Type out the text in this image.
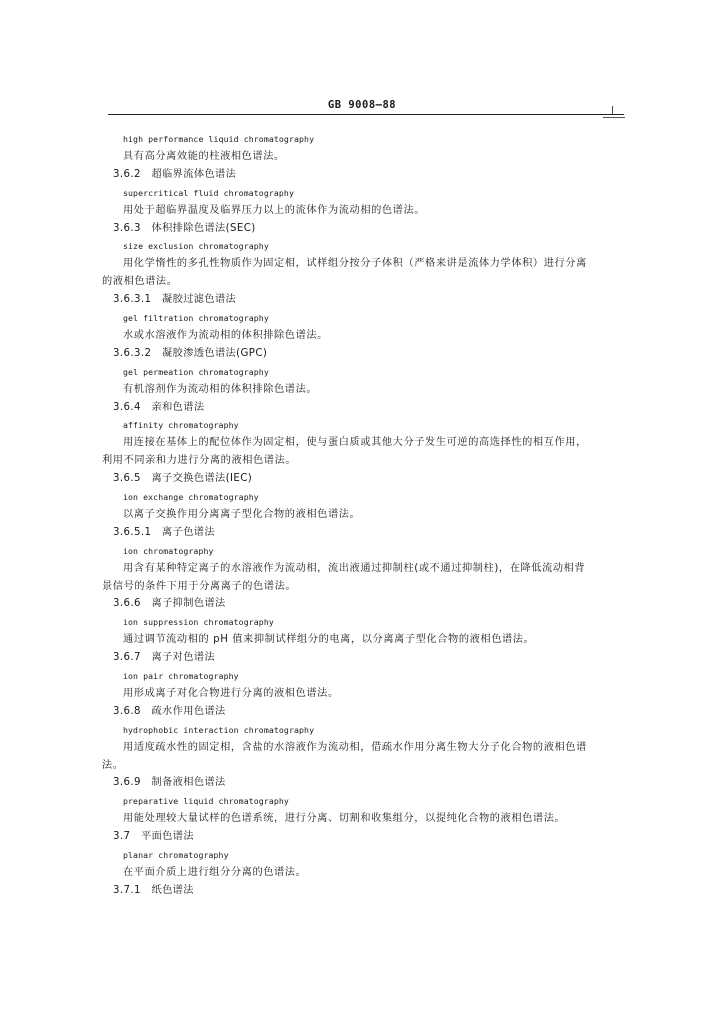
GB 9008—88
high performance liquid chromatography
具有高分离效能的柱液相色谱法。
3.6.2　超临界流体色谱法
supercritical fluid chromatography
用处于超临界温度及临界压力以上的流体作为流动相的色谱法。
3.6.3　体积排除色谱法(SEC)
size exclusion chromatography
用化学惰性的多孔性物质作为固定相，试样组分按分子体积（严格来讲是流体力学体积）进行分离
的液相色谱法。
3.6.3.1　凝胶过滤色谱法
gel filtration chromatography
水或水溶液作为流动相的体积排除色谱法。
3.6.3.2　凝胶渗透色谱法(GPC)
gel permeation chromatography
有机溶剂作为流动相的体积排除色谱法。
3.6.4　亲和色谱法
affinity chromatography
用连接在基体上的配位体作为固定相，使与蛋白质或其他大分子发生可逆的高选择性的相互作用，
利用不同亲和力进行分离的液相色谱法。
3.6.5　离子交换色谱法(IEC)
ion exchange chromatography
以离子交换作用分离离子型化合物的液相色谱法。
3.6.5.1　离子色谱法
ion chromatography
用含有某种特定离子的水溶液作为流动相，流出液通过抑制柱(或不通过抑制柱)，在降低流动相背
景信号的条件下用于分离离子的色谱法。
3.6.6　离子抑制色谱法
ion suppression chromatography
通过调节流动相的 pH 值来抑制试样组分的电离，以分离离子型化合物的液相色谱法。
3.6.7　离子对色谱法
ion pair chromatography
用形成离子对化合物进行分离的液相色谱法。
3.6.8　疏水作用色谱法
hydrophobic interaction chromatography
用适度疏水性的固定相，含盐的水溶液作为流动相，借疏水作用分离生物大分子化合物的液相色谱
法。
3.6.9　制备液相色谱法
preparative liquid chromatography
用能处理较大量试样的色谱系统，进行分离、切割和收集组分，以提纯化合物的液相色谱法。
3.7　平面色谱法
planar chromatography
在平面介质上进行组分分离的色谱法。
3.7.1　纸色谱法
